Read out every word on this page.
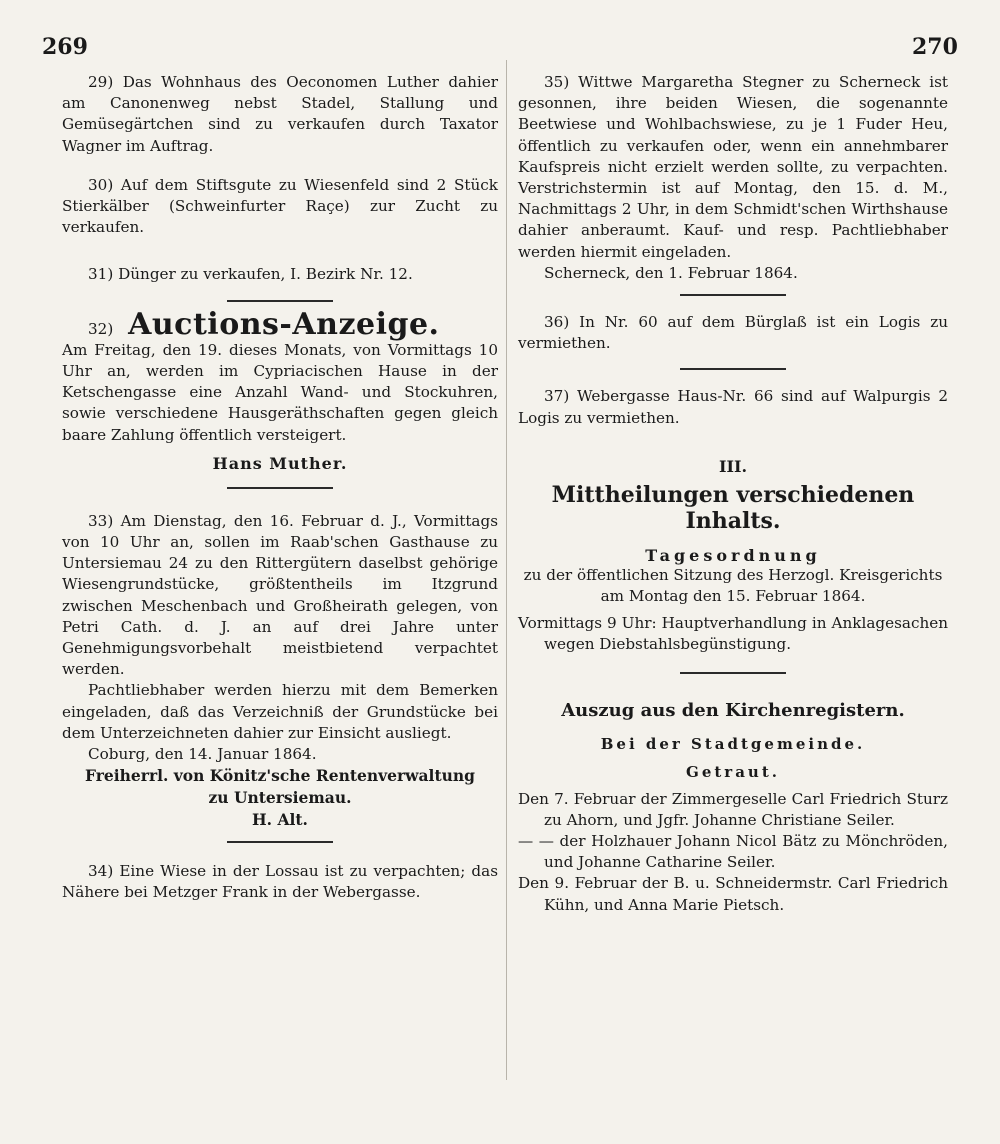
269	270

29) Das Wohnhaus des Oeconomen Luther dahier am Canonenweg nebst Stadel, Stallung und Gemüsegärtchen sind zu verkaufen durch Taxator Wagner im Auftrag.

30) Auf dem Stiftsgute zu Wiesenfeld sind 2 Stück Stierkälber (Schweinfurter Raçe) zur Zucht zu verkaufen.

31) Dünger zu verkaufen, I. Bezirk Nr. 12.

32) Auctions-Anzeige.

Am Freitag, den 19. dieses Monats, von Vormittags 10 Uhr an, werden im Cypriacischen Hause in der Ketschengasse eine Anzahl Wand- und Stockuhren, sowie verschiedene Hausgeräthschaften gegen gleich baare Zahlung öffentlich versteigert.

Hans Muther.

33) Am Dienstag, den 16. Februar d. J., Vormittags von 10 Uhr an, sollen im Raab'schen Gasthause zu Untersiemau 24 zu den Rittergütern daselbst gehörige Wiesengrundstücke, größtentheils im Itzgrund zwischen Meschenbach und Großheirath gelegen, von Petri Cath. d. J. an auf drei Jahre unter Genehmigungsvorbehalt meistbietend verpachtet werden.

Pachtliebhaber werden hierzu mit dem Bemerken eingeladen, daß das Verzeichniß der Grundstücke bei dem Unterzeichneten dahier zur Einsicht ausliegt.

Coburg, den 14. Januar 1864.

Freiherrl. von Könitz'sche Rentenverwaltung

zu Untersiemau.

H. Alt.

34) Eine Wiese in der Lossau ist zu verpachten; das Nähere bei Metzger Frank in der Webergasse.

35) Wittwe Margaretha Stegner zu Scherneck ist gesonnen, ihre beiden Wiesen, die sogenannte Beetwiese und Wohlbachswiese, zu je 1 Fuder Heu, öffentlich zu verkaufen oder, wenn ein annehmbarer Kaufspreis nicht erzielt werden sollte, zu verpachten. Verstrichstermin ist auf Montag, den 15. d. M., Nachmittags 2 Uhr, in dem Schmidt'schen Wirthshause dahier anberaumt. Kauf- und resp. Pachtliebhaber werden hiermit eingeladen.

Scherneck, den 1. Februar 1864.

36) In Nr. 60 auf dem Bürglaß ist ein Logis zu vermiethen.

37) Webergasse Haus-Nr. 66 sind auf Walpurgis 2 Logis zu vermiethen.

III.

Mittheilungen verschiedenen Inhalts.

Tagesordnung

zu der öffentlichen Sitzung des Herzogl. Kreisgerichts am Montag den 15. Februar 1864.

Vormittags 9 Uhr: Hauptverhandlung in Anklagesachen wegen Diebstahlsbegünstigung.

Auszug aus den Kirchenregistern.

Bei der Stadtgemeinde.

Getraut.

Den 7. Februar der Zimmergeselle Carl Friedrich Sturz zu Ahorn, und Jgfr. Johanne Christiane Seiler.

— — der Holzhauer Johann Nicol Bätz zu Mönchröden, und Johanne Catharine Seiler.

Den 9. Februar der B. u. Schneidermstr. Carl Friedrich Kühn, und Anna Marie Pietsch.
